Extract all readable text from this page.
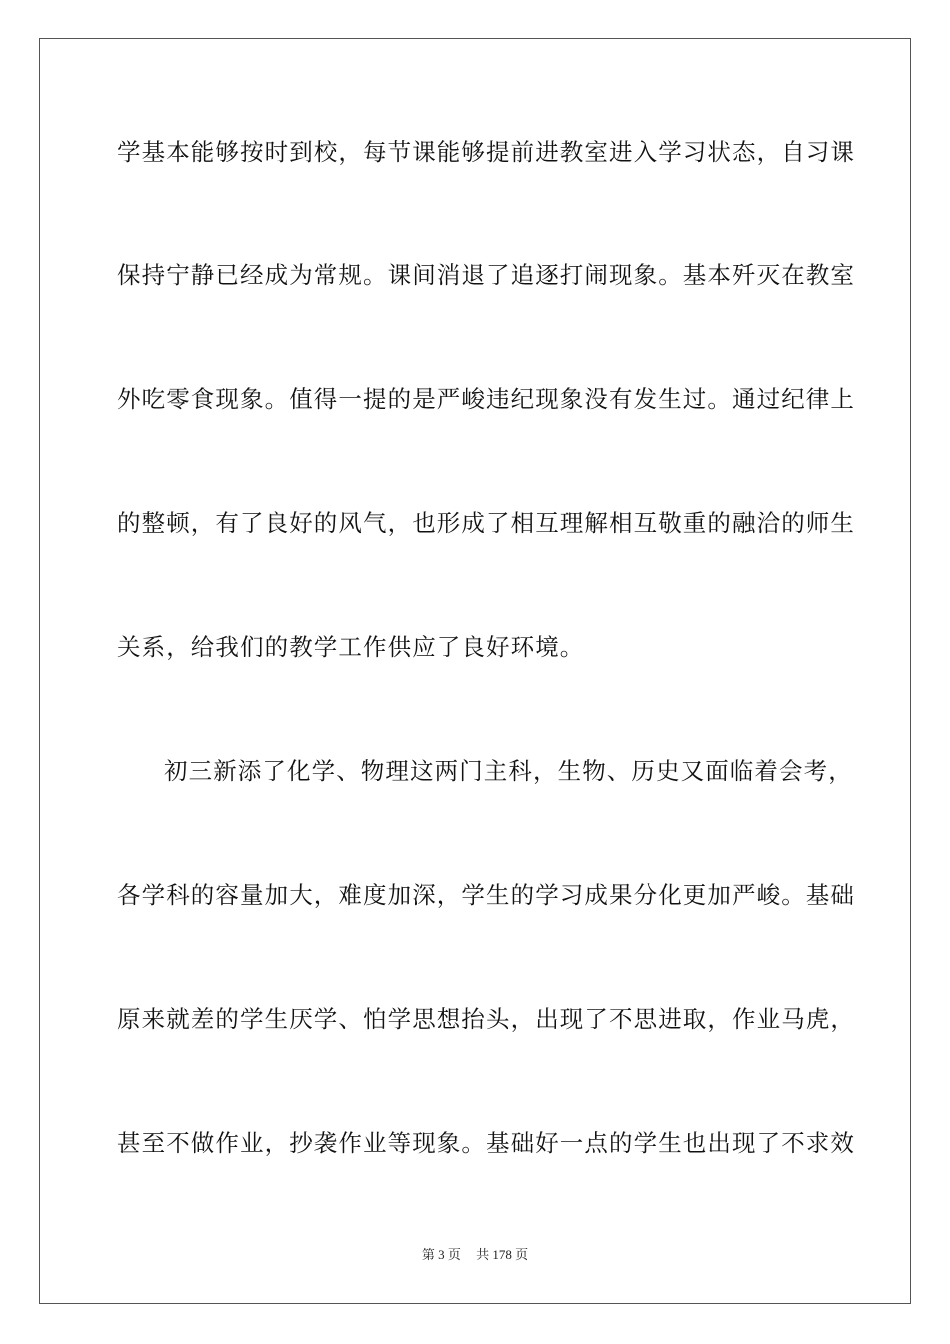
学基本能够按时到校，每节课能够提前进教室进入学习状态，自习课
保持宁静已经成为常规。课间消退了追逐打闹现象。基本歼灭在教室
外吃零食现象。值得一提的是严峻违纪现象没有发生过。通过纪律上
的整顿，有了良好的风气，也形成了相互理解相互敬重的融洽的师生
关系，给我们的教学工作供应了良好环境。
初三新添了化学、物理这两门主科，生物、历史又面临着会考，
各学科的容量加大，难度加深，学生的学习成果分化更加严峻。基础
原来就差的学生厌学、怕学思想抬头，出现了不思进取，作业马虎，
甚至不做作业，抄袭作业等现象。基础好一点的学生也出现了不求效
第 3 页 共 178 页
